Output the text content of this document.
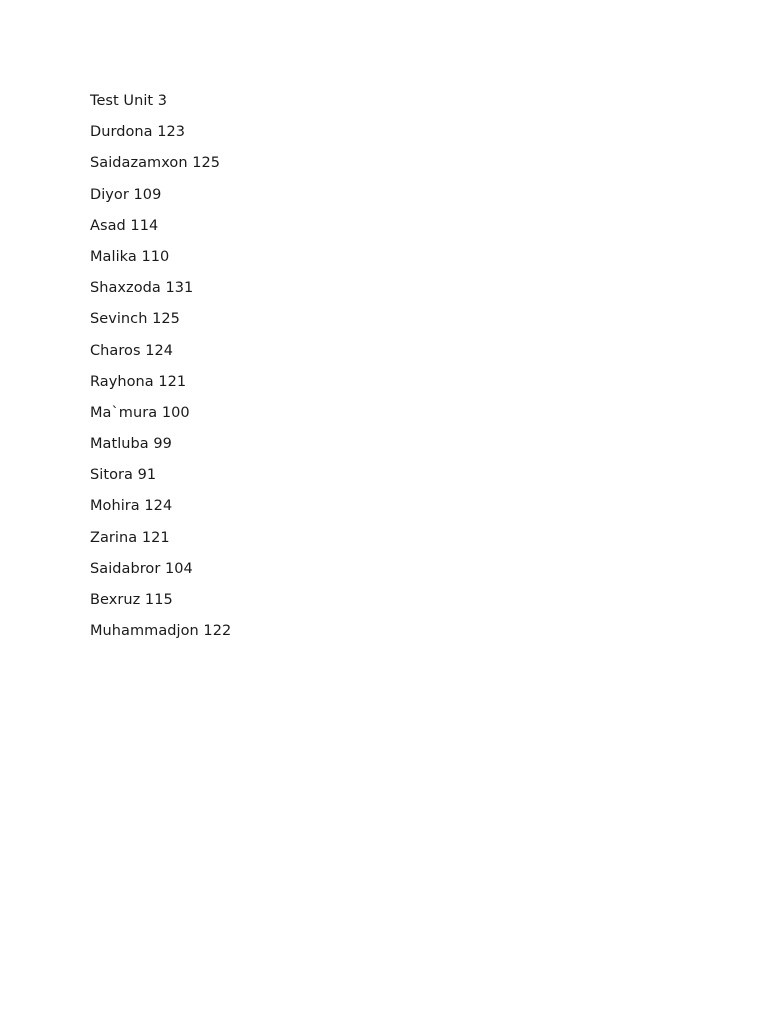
Test Unit 3
Durdona 123
Saidazamxon 125
Diyor 109
Asad 114
Malika 110
Shaxzoda 131
Sevinch 125
Charos 124
Rayhona 121
Ma`mura 100
Matluba 99
Sitora 91
Mohira 124
Zarina 121
Saidabror 104
Bexruz 115
Muhammadjon 122
